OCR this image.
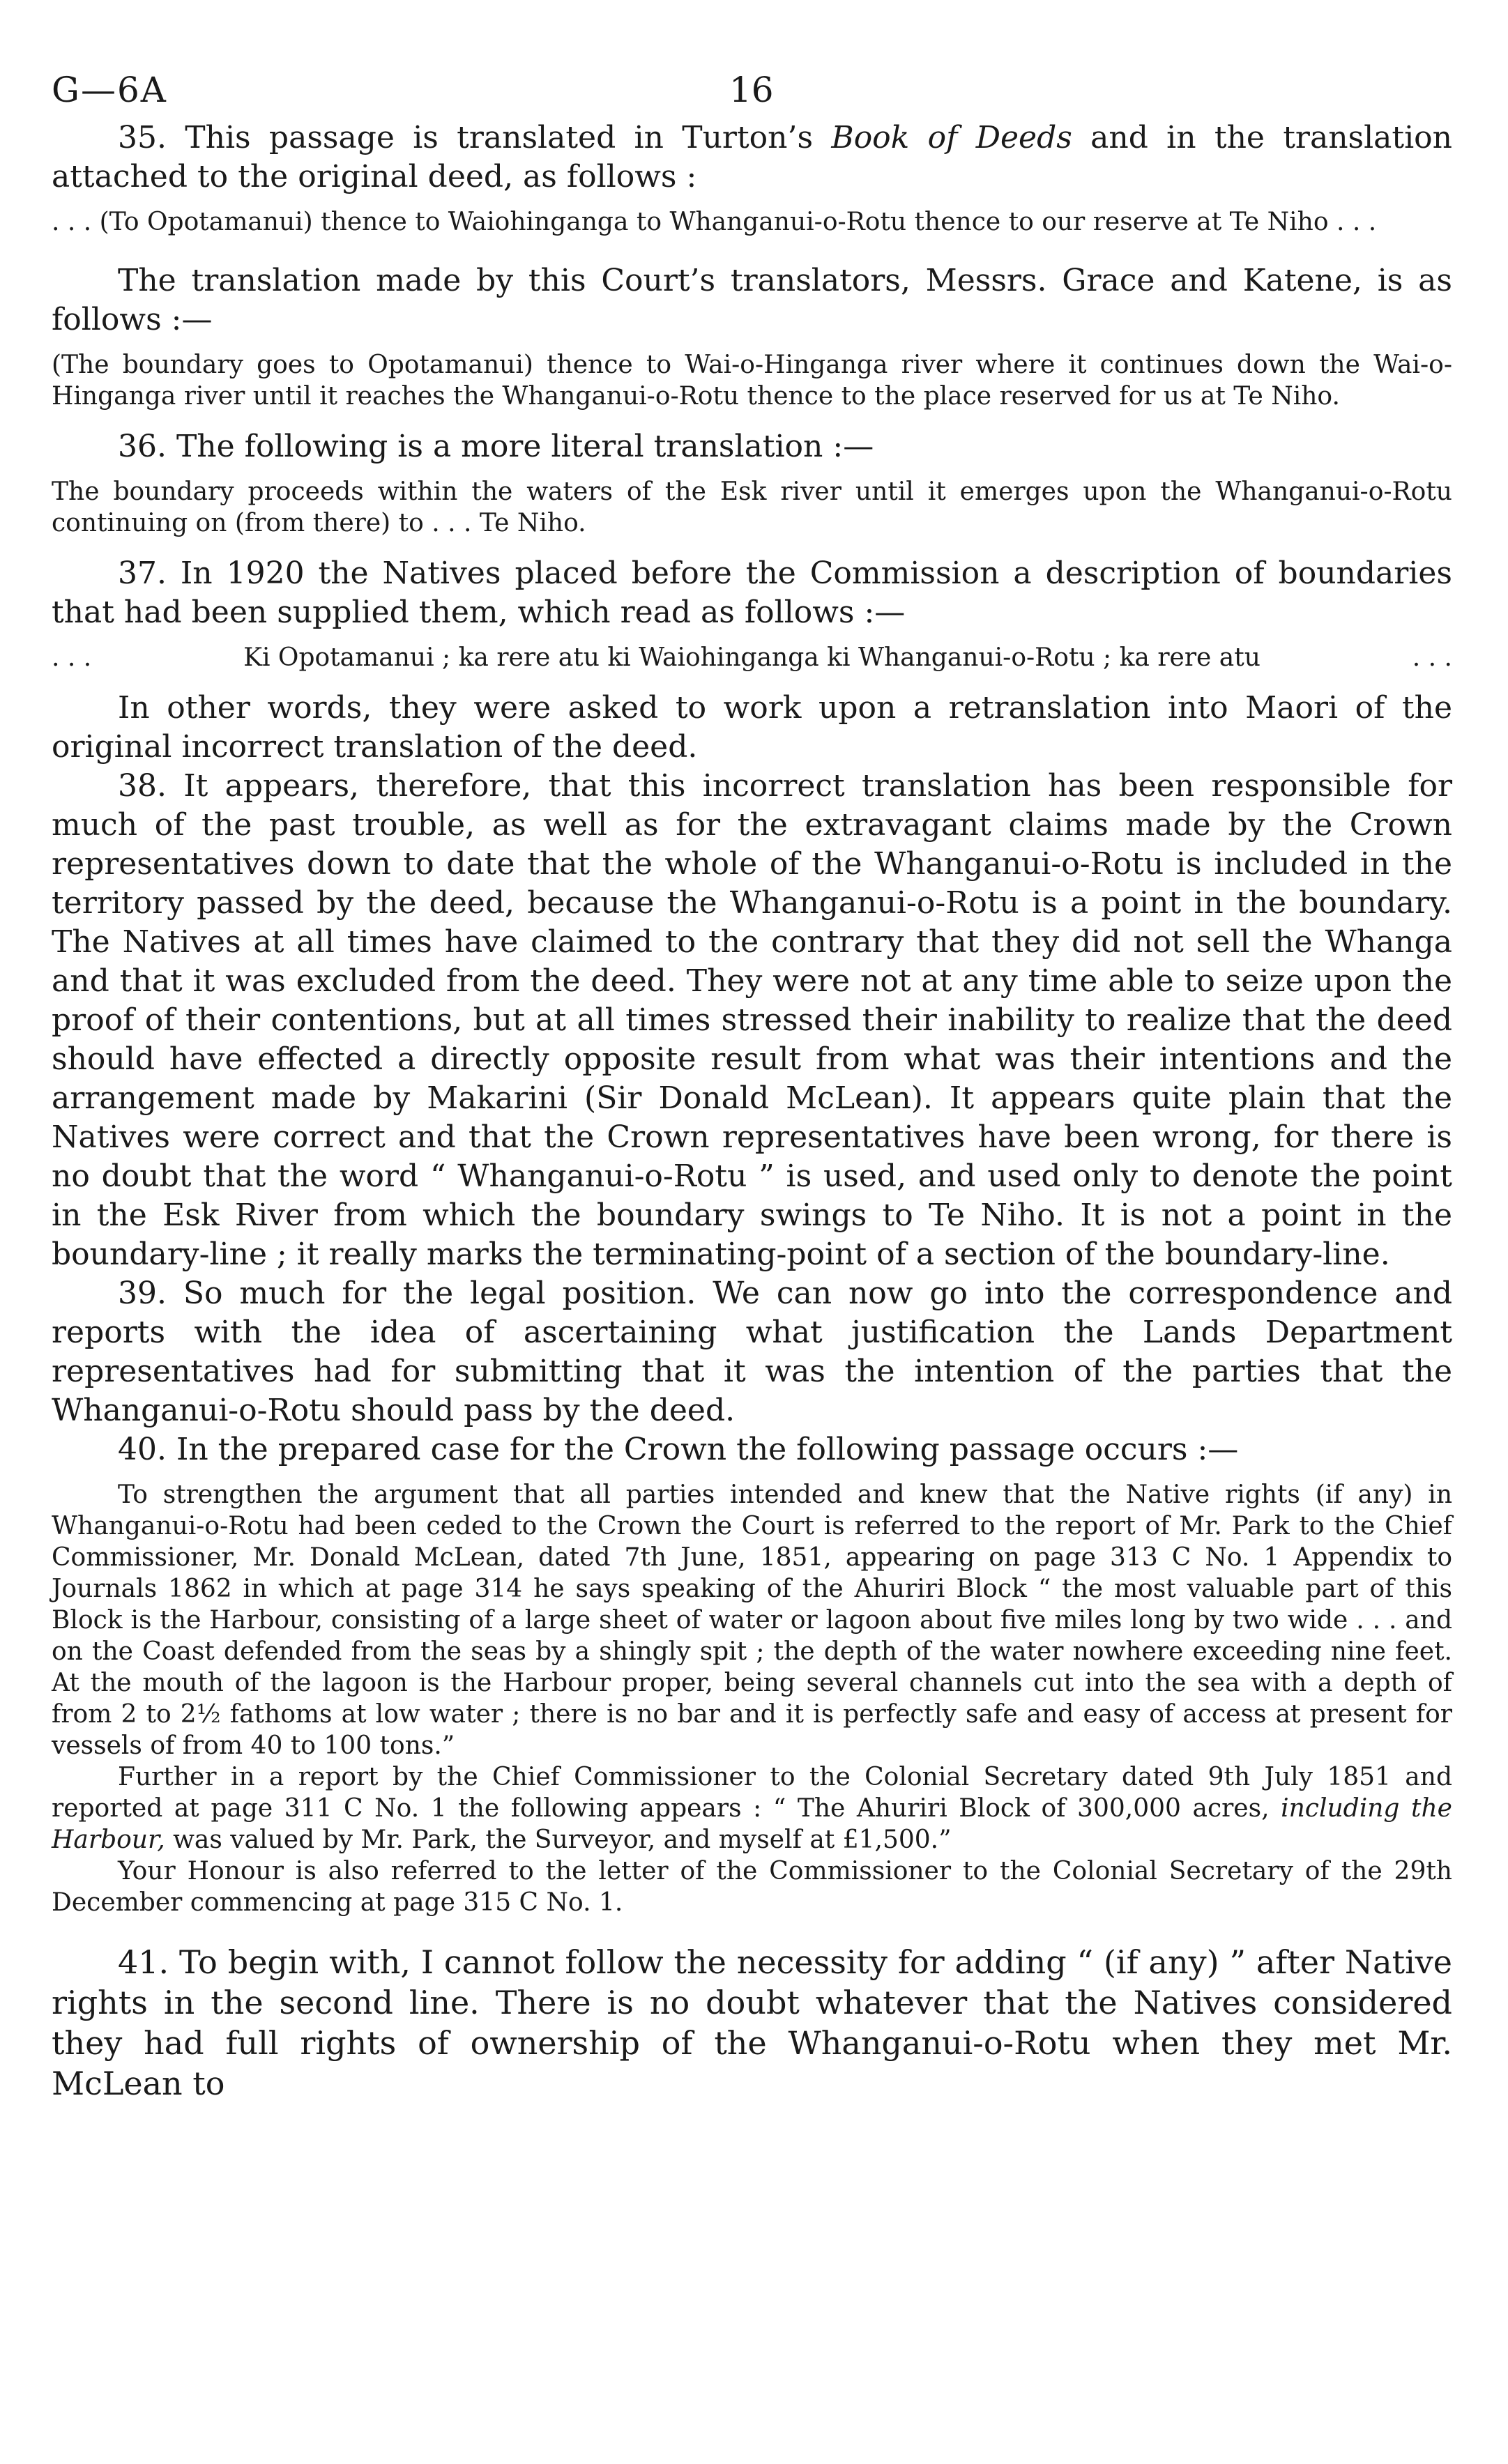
G—6A	16

35. This passage is translated in Turton’s Book of Deeds and in the translation attached to the original deed, as follows :

. . . (To Opotamanui) thence to Waiohinganga to Whanganui-o-Rotu thence to our reserve at Te Niho . . .

The translation made by this Court’s translators, Messrs. Grace and Katene, is as follows :—

(The boundary goes to Opotamanui) thence to Wai-o-Hinganga river where it continues down the Wai-o-Hinganga river until it reaches the Whanganui-o-Rotu thence to the place reserved for us at Te Niho.

36. The following is a more literal translation :—

The boundary proceeds within the waters of the Esk river until it emerges upon the Whanganui-o-Rotu continuing on (from there) to . . . Te Niho.

37. In 1920 the Natives placed before the Commission a description of boundaries that had been supplied them, which read as follows :—

. . .	Ki Opotamanui ; ka rere atu ki Waiohinganga ki Whanganui-o-Rotu ; ka rere atu	. . .

In other words, they were asked to work upon a retranslation into Maori of the original incorrect translation of the deed.

38. It appears, therefore, that this incorrect translation has been responsible for much of the past trouble, as well as for the extravagant claims made by the Crown representatives down to date that the whole of the Whanganui-o-Rotu is included in the territory passed by the deed, because the Whanganui-o-Rotu is a point in the boundary. The Natives at all times have claimed to the contrary that they did not sell the Whanga and that it was excluded from the deed. They were not at any time able to seize upon the proof of their contentions, but at all times stressed their inability to realize that the deed should have effected a directly opposite result from what was their intentions and the arrangement made by Makarini (Sir Donald McLean). It appears quite plain that the Natives were correct and that the Crown representatives have been wrong, for there is no doubt that the word “ Whanganui-o-Rotu ” is used, and used only to denote the point in the Esk River from which the boundary swings to Te Niho. It is not a point in the boundary-line ; it really marks the terminating-point of a section of the boundary-line.

39. So much for the legal position. We can now go into the correspondence and reports with the idea of ascertaining what justification the Lands Department representatives had for submitting that it was the intention of the parties that the Whanganui-o-Rotu should pass by the deed.

40. In the prepared case for the Crown the following passage occurs :—

To strengthen the argument that all parties intended and knew that the Native rights (if any) in Whanganui-o-Rotu had been ceded to the Crown the Court is referred to the report of Mr. Park to the Chief Commissioner, Mr. Donald McLean, dated 7th June, 1851, appearing on page 313 C No. 1 Appendix to Journals 1862 in which at page 314 he says speaking of the Ahuriri Block “ the most valuable part of this Block is the Harbour, consisting of a large sheet of water or lagoon about five miles long by two wide . . . and on the Coast defended from the seas by a shingly spit ; the depth of the water nowhere exceeding nine feet. At the mouth of the lagoon is the Harbour proper, being several channels cut into the sea with a depth of from 2 to 2½ fathoms at low water ; there is no bar and it is perfectly safe and easy of access at present for vessels of from 40 to 100 tons.”

Further in a report by the Chief Commissioner to the Colonial Secretary dated 9th July 1851 and reported at page 311 C No. 1 the following appears : “ The Ahuriri Block of 300,000 acres, including the Harbour, was valued by Mr. Park, the Surveyor, and myself at £1,500.”

Your Honour is also referred to the letter of the Commissioner to the Colonial Secretary of the 29th December commencing at page 315 C No. 1.

41. To begin with, I cannot follow the necessity for adding “ (if any) ” after Native rights in the second line. There is no doubt whatever that the Natives considered they had full rights of ownership of the Whanganui-o-Rotu when they met Mr. McLean to
